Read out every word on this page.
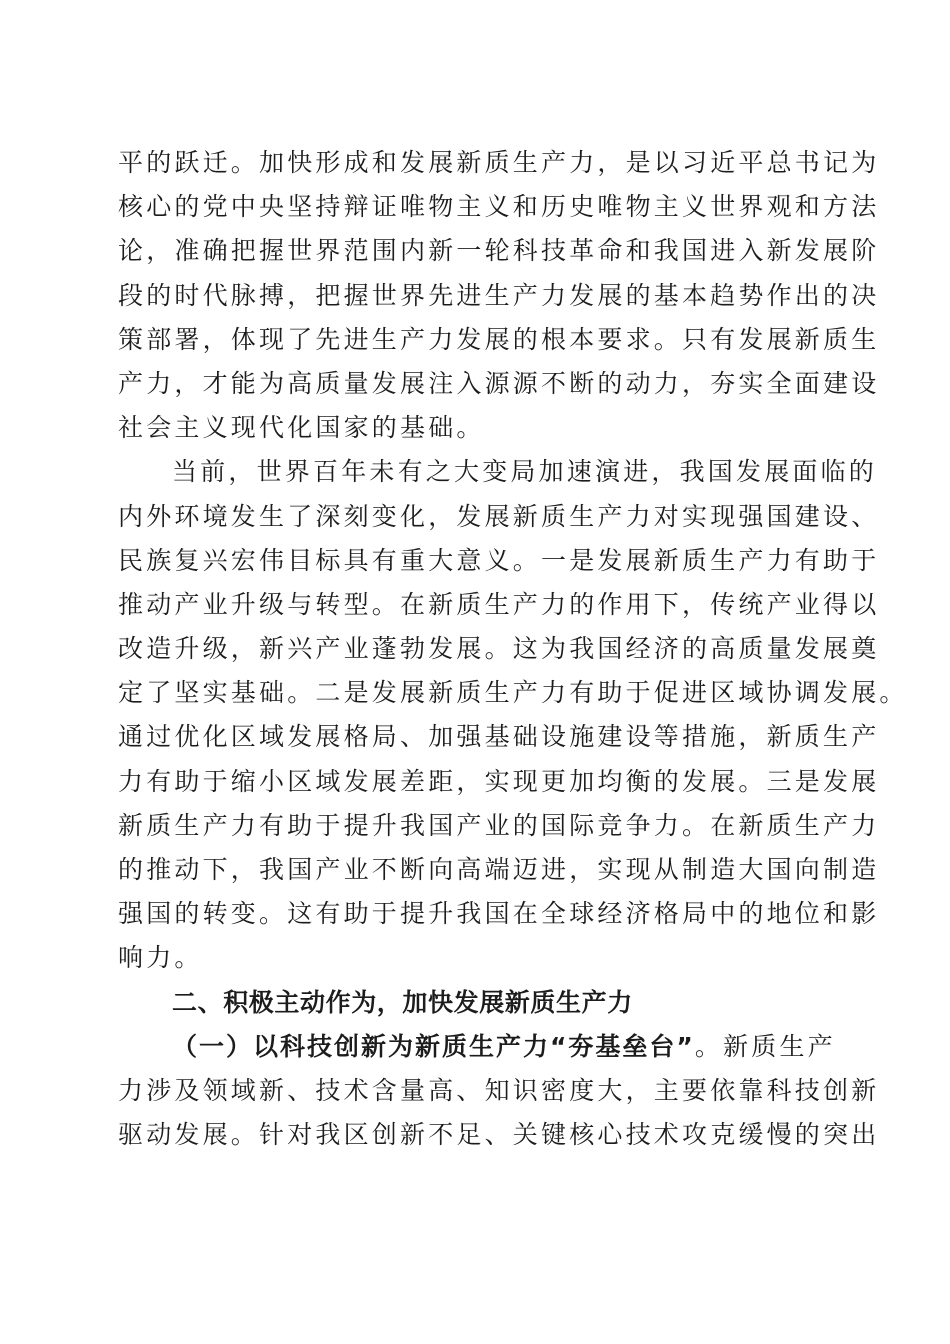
平的跃迁。加快形成和发展新质生产力，是以习近平总书记为
核心的党中央坚持辩证唯物主义和历史唯物主义世界观和方法
论，准确把握世界范围内新一轮科技革命和我国进入新发展阶
段的时代脉搏，把握世界先进生产力发展的基本趋势作出的决
策部署，体现了先进生产力发展的根本要求。只有发展新质生
产力，才能为高质量发展注入源源不断的动力，夯实全面建设
社会主义现代化国家的基础。
当前，世界百年未有之大变局加速演进，我国发展面临的
内外环境发生了深刻变化，发展新质生产力对实现强国建设、
民族复兴宏伟目标具有重大意义。一是发展新质生产力有助于
推动产业升级与转型。在新质生产力的作用下，传统产业得以
改造升级，新兴产业蓬勃发展。这为我国经济的高质量发展奠
定了坚实基础。二是发展新质生产力有助于促进区域协调发展。
通过优化区域发展格局、加强基础设施建设等措施，新质生产
力有助于缩小区域发展差距，实现更加均衡的发展。三是发展
新质生产力有助于提升我国产业的国际竞争力。在新质生产力
的推动下，我国产业不断向高端迈进，实现从制造大国向制造
强国的转变。这有助于提升我国在全球经济格局中的地位和影
响力。
二、积极主动作为，加快发展新质生产力
（一）以科技创新为新质生产力“夯基垒台”。新质生产
力涉及领域新、技术含量高、知识密度大，主要依靠科技创新
驱动发展。针对我区创新不足、关键核心技术攻克缓慢的突出
